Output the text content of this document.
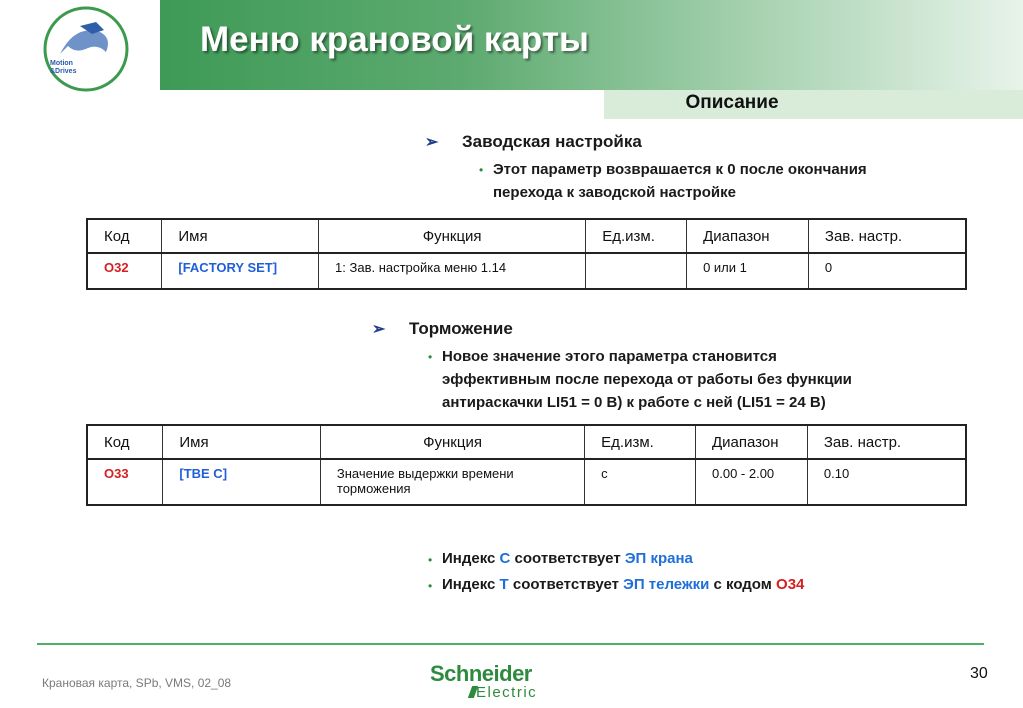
Motion
&Drives
Меню крановой карты
Описание
➢ Заводская настройка
• Этот параметр возврашается к 0 после окончания
перехода к заводской настройке
Код	Имя	Функция	Ед.изм.	Диапазон	Зав. настр.
O32	[FACTORY SET]	1: Зав. настройка меню 1.14		0 или 1	0
➢ Торможение
• Новое значение этого параметра становится
эффективным после перехода от работы без функции
антираскачки LI51 = 0 B) к работе с ней (LI51 = 24 В)
Код	Имя	Функция	Ед.изм.	Диапазон	Зав. настр.
O33	[TBE C]	Значение выдержки времени
торможения	с	0.00 - 2.00	0.10
• Индекс С соответствует ЭП крана
• Индекс Т соответствует ЭП тележки с кодом O34
Крановая карта, SPb, VMS, 02_08	Schneider
Electric
30
